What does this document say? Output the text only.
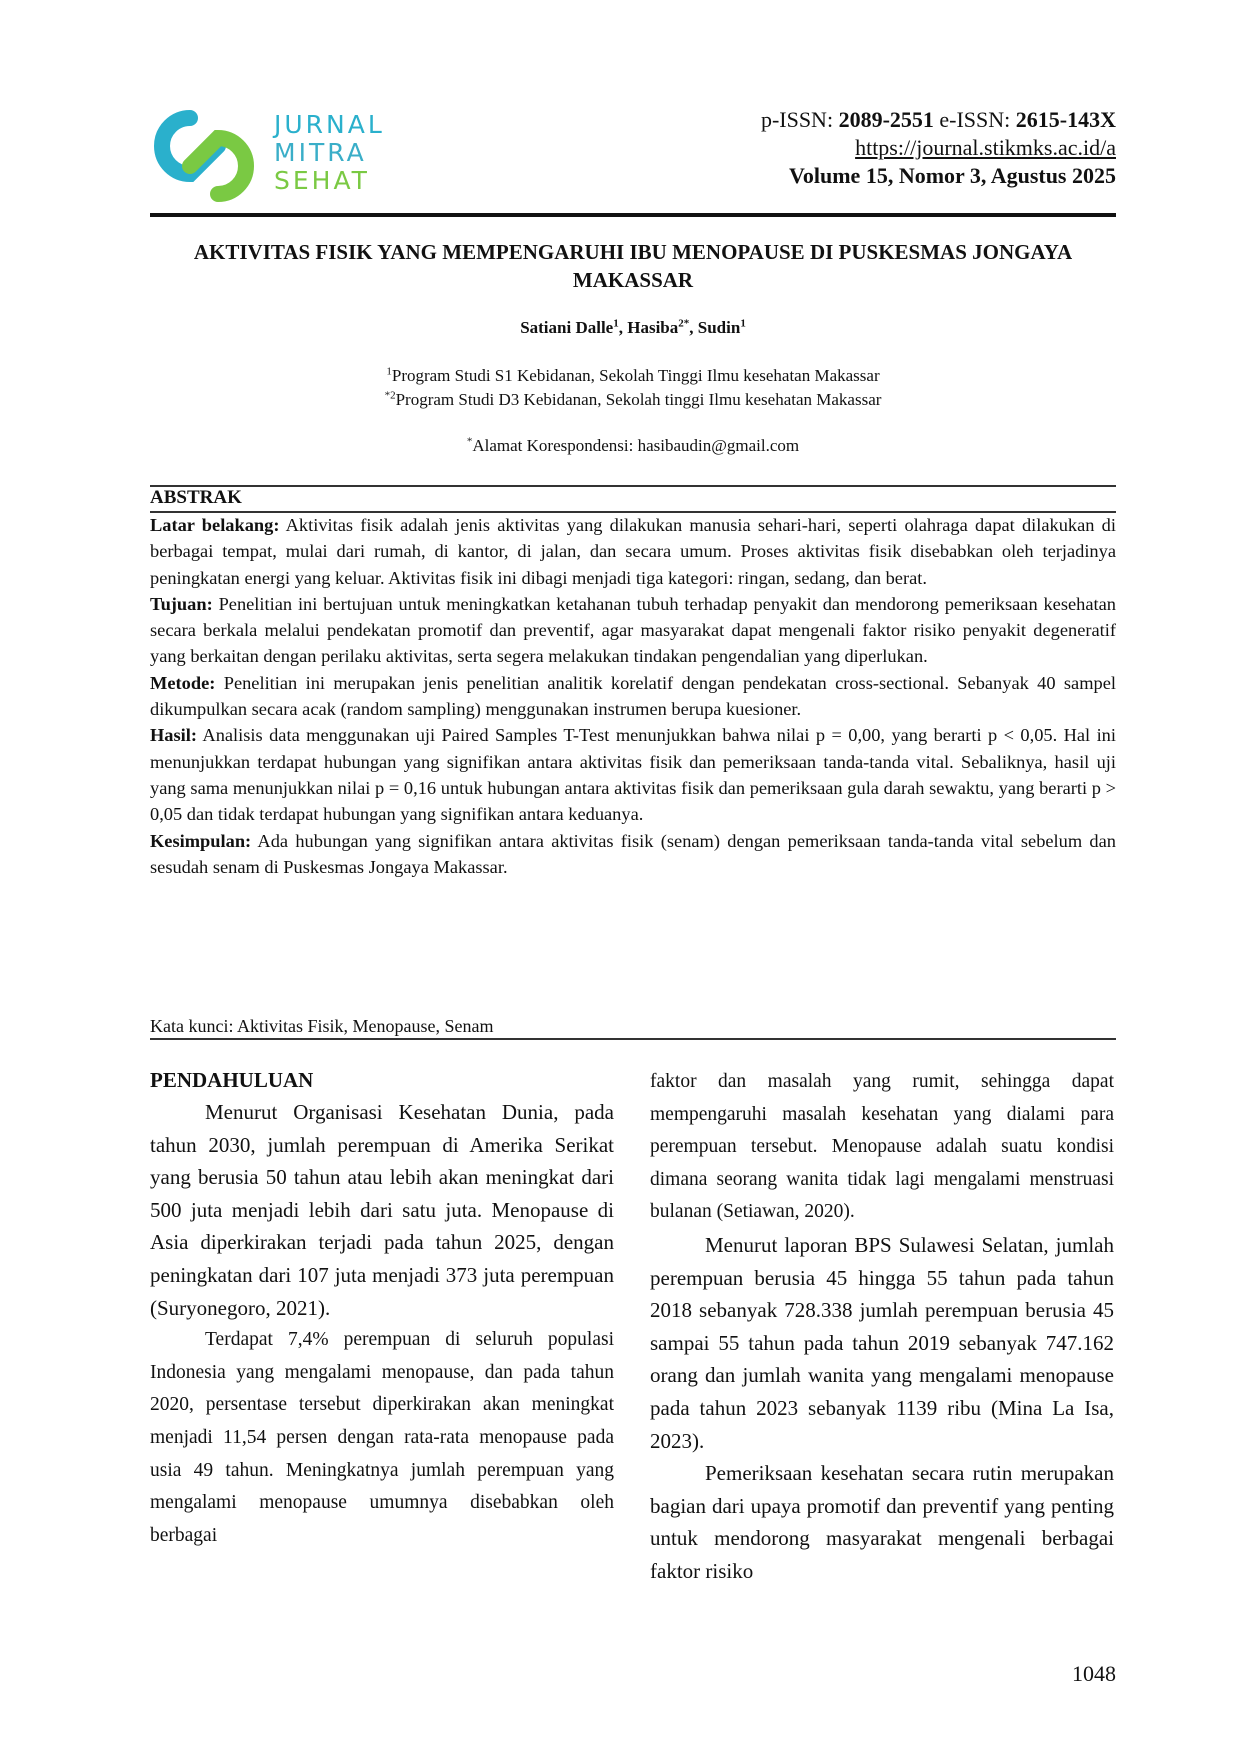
JURNAL
MITRA
SEHAT
p-ISSN: 2089-2551 e-ISSN: 2615-143X
https://journal.stikmks.ac.id/a
Volume 15, Nomor 3, Agustus 2025
AKTIVITAS FISIK YANG MEMPENGARUHI IBU MENOPAUSE DI PUSKESMAS JONGAYA MAKASSAR
Satiani Dalle$^1$, Hasiba$^{2*}$, Sudin$^1$
$^1$Program Studi S1 Kebidanan, Sekolah Tinggi Ilmu kesehatan Makassar
$^{*2}$Program Studi D3 Kebidanan, Sekolah tinggi Ilmu kesehatan Makassar
*Alamat Korespondensi: hasibaudin@gmail.com
ABSTRAK

Latar belakang: Aktivitas fisik adalah jenis aktivitas yang dilakukan manusia sehari-hari, seperti olahraga dapat dilakukan di berbagai tempat, mulai dari rumah, di kantor, di jalan, dan secara umum. Proses aktivitas fisik disebabkan oleh terjadinya peningkatan energi yang keluar. Aktivitas fisik ini dibagi menjadi tiga kategori: ringan, sedang, dan berat.

Tujuan: Penelitian ini bertujuan untuk meningkatkan ketahanan tubuh terhadap penyakit dan mendorong pemeriksaan kesehatan secara berkala melalui pendekatan promotif dan preventif, agar masyarakat dapat mengenali faktor risiko penyakit degeneratif yang berkaitan dengan perilaku aktivitas, serta segera melakukan tindakan pengendalian yang diperlukan.

Metode: Penelitian ini merupakan jenis penelitian analitik korelatif dengan pendekatan cross-sectional. Sebanyak 40 sampel dikumpulkan secara acak (random sampling) menggunakan instrumen berupa kuesioner.

Hasil: Analisis data menggunakan uji Paired Samples T-Test menunjukkan bahwa nilai p = 0,00, yang berarti p < 0,05. Hal ini menunjukkan terdapat hubungan yang signifikan antara aktivitas fisik dan pemeriksaan tanda-tanda vital. Sebaliknya, hasil uji yang sama menunjukkan nilai p = 0,16 untuk hubungan antara aktivitas fisik dan pemeriksaan gula darah sewaktu, yang berarti p > 0,05 dan tidak terdapat hubungan yang signifikan antara keduanya.

Kesimpulan: Ada hubungan yang signifikan antara aktivitas fisik (senam) dengan pemeriksaan tanda-tanda vital sebelum dan sesudah senam di Puskesmas Jongaya Makassar.

Kata kunci: Aktivitas Fisik, Menopause, Senam
PENDAHULUAN

Menurut Organisasi Kesehatan Dunia, pada tahun 2030, jumlah perempuan di Amerika Serikat yang berusia 50 tahun atau lebih akan meningkat dari 500 juta menjadi lebih dari satu juta. Menopause di Asia diperkirakan terjadi pada tahun 2025, dengan peningkatan dari 107 juta menjadi 373 juta perempuan (Suryonegoro, 2021).

Terdapat 7,4% perempuan di seluruh populasi Indonesia yang mengalami menopause, dan pada tahun 2020, persentase tersebut diperkirakan akan meningkat menjadi 11,54 persen dengan rata-rata menopause pada usia 49 tahun. Meningkatnya jumlah perempuan yang mengalami menopause umumnya disebabkan oleh berbagai

faktor dan masalah yang rumit, sehingga dapat mempengaruhi masalah kesehatan yang dialami para perempuan tersebut. Menopause adalah suatu kondisi dimana seorang wanita tidak lagi mengalami menstruasi bulanan (Setiawan, 2020).

Menurut laporan BPS Sulawesi Selatan, jumlah perempuan berusia 45 hingga 55 tahun pada tahun 2018 sebanyak 728.338 jumlah perempuan berusia 45 sampai 55 tahun pada tahun 2019 sebanyak 747.162 orang dan jumlah wanita yang mengalami menopause pada tahun 2023 sebanyak 1139 ribu (Mina La Isa, 2023).

Pemeriksaan kesehatan secara rutin merupakan bagian dari upaya promotif dan preventif yang penting untuk mendorong masyarakat mengenali berbagai faktor risiko

1048
